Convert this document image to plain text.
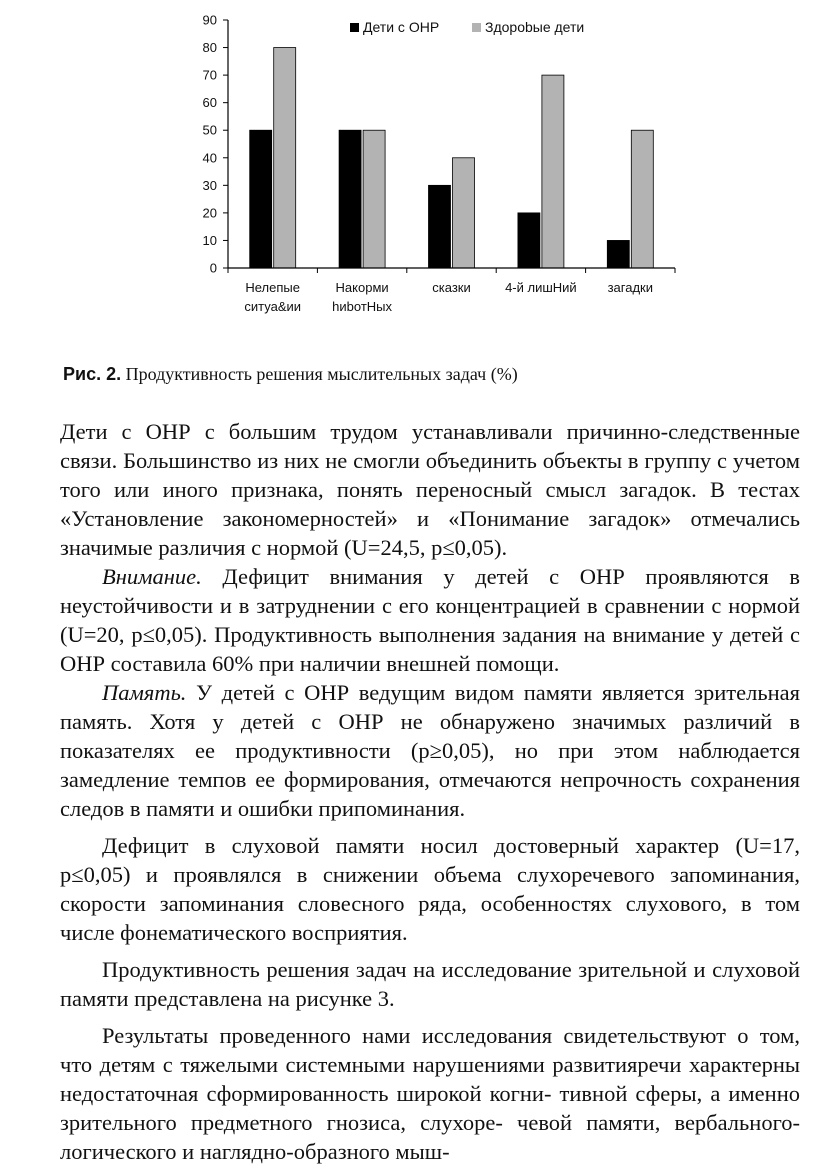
0
10
20
30
40
50
60
70
80
90
Нелепые
ситуа&ии
Накорми
hиbотНых
сказки	4-й лишНий загадки
Дети с ОНР	Здороbые дети
Рис. 2. Продуктивность решения мыслительных задач (%)

Дети с ОНР с большим трудом устанавливали причинно-следственные связи. Большинство из них не смогли объединить объекты в группу с учетом того или иного признака, понять переносный смысл загадок. В тестах «Установление закономерностей» и «Понимание загадок» отмечались значимые различия с нормой (U=24,5, p≤0,05).

Внимание. Дефицит внимания у детей с ОНР проявляются в неустойчивости и в затруднении с его концентрацией в сравнении с нормой (U=20, p≤0,05). Продуктивность выполнения задания на внимание у детей с ОНР составила 60% при наличии внешней помощи.

Память. У детей с ОНР ведущим видом памяти является зрительная память. Хотя у детей с ОНР не обнаружено значимых различий в показателях ее продуктивности (p≥0,05), но при этом наблюдается замедление темпов ее формирования, отмечаются непрочность сохранения следов в памяти и ошибки припоминания.

Дефицит в слуховой памяти носил достоверный характер (U=17, p≤0,05) и проявлялся в снижении объема слухоречевого запоминания, скорости запоминания словесного ряда, особенностях слухового, в том числе фонематического восприятия.

Продуктивность решения задач на исследование зрительной и слуховой памяти представлена на рисунке 3.

Результаты проведенного нами исследования свидетельствуют о том, что детям с тяжелыми системными нарушениями развитияречи характерны недостаточная сформированность широкой когни- тивной сферы, а именно зрительного предметного гнозиса, слухоре- чевой памяти, вербального-логического и наглядно-образного мыш-
